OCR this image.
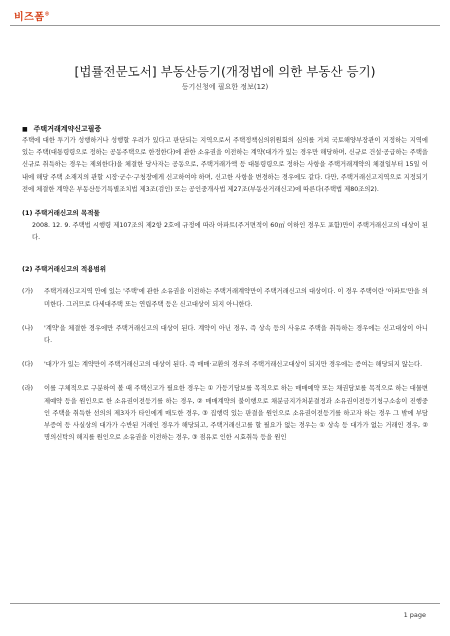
비즈폼®
[법률전문도서] 부동산등기(개정법에 의한 부동산 등기)
등기신청에 필요한 정보(12)

■ 주택거래계약신고필증

주택에 대한 투기가 성행하거나 성행할 우려가 있다고 판단되는 지역으로서 주택정책심의위원회의 심의를 거쳐 국토해양부장관이 지정하는 지역에 있는 주택(대통령령으로 정하는 공동주택으로 한정한다)에 관한 소유권을 이전하는 계약(대가가 있는 경우만 해당하며, 신규로 건설·공급하는 주택을 신규로 취득하는 경우는 제외한다)을 체결한 당사자는 공동으로, 주택거래가액 등 대통령령으로 정하는 사항을 주택거래계약의 체결일부터 15일 이내에 해당 주택 소재지의 관할 시장·군수·구청장에게 신고하여야 하며, 신고한 사항을 변경하는 경우에도 같다. 다만, 주택거래신고지역으로 지정되기 전에 체결한 계약은 부동산등기특별조치법 제3조(검인) 또는 공인중개사법 제27조(부동산거래신고)에 따른다(주택법 제80조의2).

(1) 주택거래신고의 목적물

2008. 12. 9. 주택법 시행령 제107조의 제2항 2호에 규정에 따라 아파트(주거면적이 60㎡ 이하인 경우도 포함)만이 주택거래신고의 대상이 된다.

(2) 주택거래신고의 적용범위

(가) 주택거래신고지역 안에 있는 '주택'에 관한 소유권을 이전하는 주택거래계약만이 주택거래신고의 대상이다. 이 경우 주택이란 '아파트'만을 의미한다. 그러므로 다세대주택 또는 연립주택 등은 신고대상이 되지 아니한다.

(나) '계약'을 체결한 경우에만 주택거래신고의 대상이 된다. 계약이 아닌 경우, 즉 상속 등의 사유로 주택을 취득하는 경우에는 신고대상이 아니다.

(다) '대가'가 있는 계약만이 주택거래신고의 대상이 된다. 즉 매매·교환의 경우의 주택거래신고대상이 되지만 경우에는 증여는 해당되지 않는다.

(라) 이를 구체적으로 구분하여 볼 때 주택신고가 필요한 경우는 ① 가등기담보를 목적으로 하는 매매예약 또는 채권담보를 목적으로 하는 대물변제예약 등을 원인으로 한 소유권이전등기를 하는 경우, ② 매매계약의 불이행으로 채분금지가처분결정과 소유권이전등기청구소송이 진행중인 주택을 취득한 선의의 제3자가 타인에게 매도한 경우, ③ 집행력 있는 판결을 원인으로 소유권이전등기를 하고자 하는 경우 그 밖에 부담부증여 등 사실상의 대가가 수반된 거래인 경우가 해당되고, 주택거래신고를 할 필요가 없는 경우는 ① 상속 등 대가가 없는 거래인 경우, ② 명의신탁의 해지를 원인으로 소유권을 이전하는 경우, ③ 점유로 인한 시효취득 등을 원인

1 page
